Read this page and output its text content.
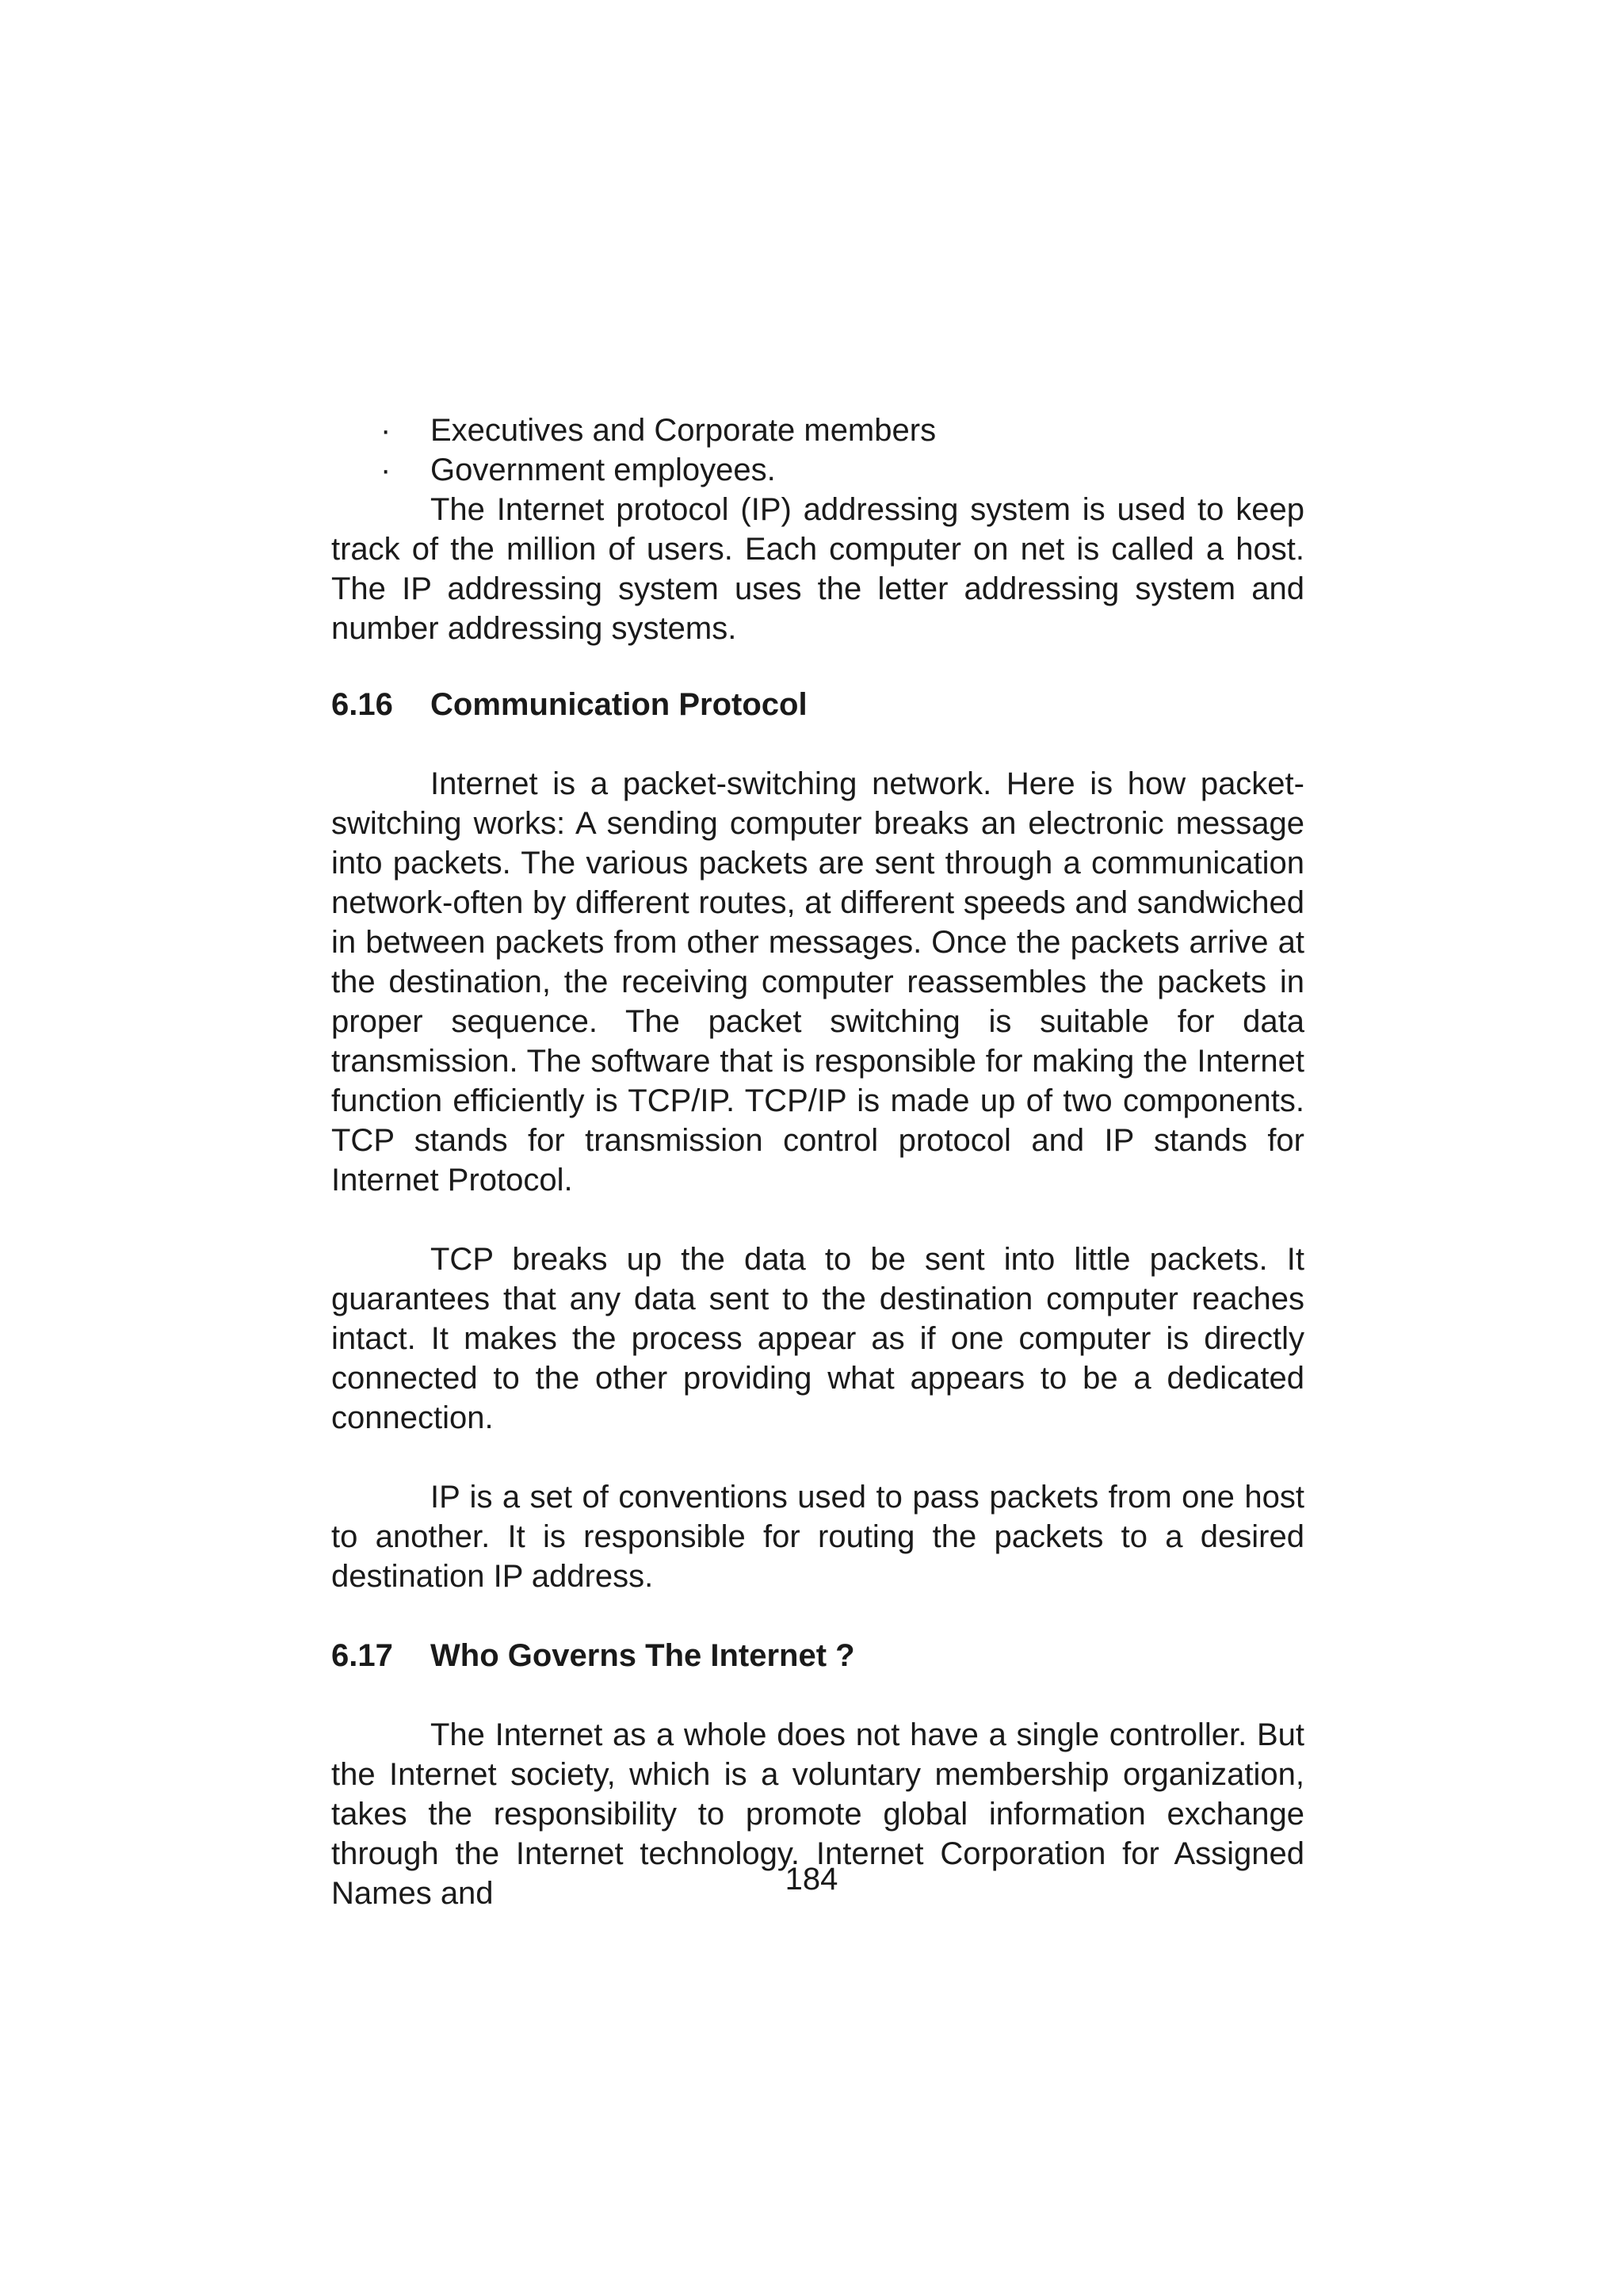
· Executives and Corporate members
· Government employees.

The Internet protocol (IP) addressing system is used to keep track of the million of users. Each computer on net is called a host. The IP addressing system uses the letter addressing system and number addressing systems.

6.16 Communication Protocol

Internet is a packet-switching network. Here is how packet-switching works: A sending computer breaks an electronic message into packets. The various packets are sent through a communication network-often by different routes, at different speeds and sandwiched in between packets from other messages. Once the packets arrive at the destination, the receiving computer reassembles the packets in proper sequence. The packet switching is suitable for data transmission. The software that is responsible for making the Internet function efficiently is TCP/IP. TCP/IP is made up of two components. TCP stands for transmission control protocol and IP stands for Internet Protocol.

TCP breaks up the data to be sent into little packets. It guarantees that any data sent to the destination computer reaches intact. It makes the process appear as if one computer is directly connected to the other providing what appears to be a dedicated connection.

IP is a set of conventions used to pass packets from one host to another. It is responsible for routing the packets to a desired destination IP address.

6.17 Who Governs The Internet ?

The Internet as a whole does not have a single controller. But the Internet society, which is a voluntary membership organization, takes the responsibility to promote global information exchange through the Internet technology. Internet Corporation for Assigned Names and	184
